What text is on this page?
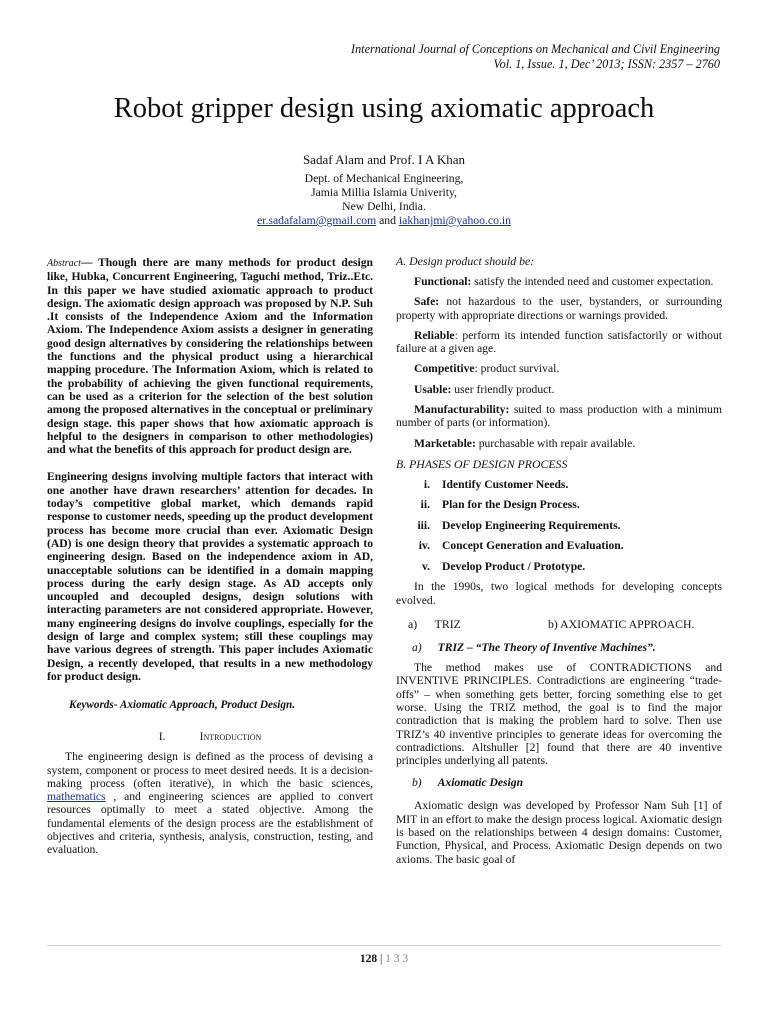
International Journal of Conceptions on Mechanical and Civil Engineering
Vol. 1, Issue. 1, Dec’ 2013; ISSN: 2357 – 2760
Robot gripper design using axiomatic approach
Sadaf Alam and Prof. I A Khan
Dept. of Mechanical Engineering,
Jamia Millia Islamia Univerity,
New Delhi, India.
er.sadafalam@gmail.com and iakhanjmi@yahoo.co.in

Abstract— Though there are many methods for product design like, Hubka, Concurrent Engineering, Taguchi method, Triz..Etc. In this paper we have studied axiomatic approach to product design. The axiomatic design approach was proposed by N.P. Suh .It consists of the Independence Axiom and the Information Axiom. The Independence Axiom assists a designer in generating good design alternatives by considering the relationships between the functions and the physical product using a hierarchical mapping procedure. The Information Axiom, which is related to the probability of achieving the given functional requirements, can be used as a criterion for the selection of the best solution among the proposed alternatives in the conceptual or preliminary design stage. this paper shows that how axiomatic approach is helpful to the designers in comparison to other methodologies) and what the benefits of this approach for product design are.

Engineering designs involving multiple factors that interact with one another have drawn researchers’ attention for decades. In today’s competitive global market, which demands rapid response to customer needs, speeding up the product development process has become more crucial than ever. Axiomatic Design (AD) is one design theory that provides a systematic approach to engineering design. Based on the independence axiom in AD, unacceptable solutions can be identified in a domain mapping process during the early design stage. As AD accepts only uncoupled and decoupled designs, design solutions with interacting parameters are not considered appropriate. However, many engineering designs do involve couplings, especially for the design of large and complex system; still these couplings may have various degrees of strength. This paper includes Axiomatic Design, a recently developed, that results in a new methodology for product design.

Keywords- Axiomatic Approach, Product Design.
I.	Introduction

The engineering design is defined as the process of devising a system, component or process to meet desired needs. It is a decision-making process (often iterative), in which the basic sciences, mathematics , and engineering sciences are applied to convert resources optimally to meet a stated objective. Among the fundamental elements of the design process are the establishment of objectives and criteria, synthesis, analysis, construction, testing, and evaluation.

A. Design product should be:

Functional: satisfy the intended need and customer expectation.

Safe: not hazardous to the user, bystanders, or surrounding property with appropriate directions or warnings provided.

Reliable: perform its intended function satisfactorily or without failure at a given age.

Competitive: product survival.

Usable: user friendly product.

Manufacturability: suited to mass production with a minimum number of parts (or information).

Marketable: purchasable with repair available.

B. PHASES OF DESIGN PROCESS
i.	Identify Customer Needs.
ii.	Plan for the Design Process.
iii.	Develop Engineering Requirements.
iv.	Concept Generation and Evaluation.
v.	Develop Product / Prototype.

In the 1990s, two logical methods for developing concepts evolved.

a)      TRIZ	b) AXIOMATIC APPROACH.
a) TRIZ – “The Theory of Inventive Machines”.

The method makes use of CONTRADICTIONS and INVENTIVE PRINCIPLES. Contradictions are engineering “trade-offs” – when something gets better, forcing something else to get worse. Using the TRIZ method, the goal is to find the major contradiction that is making the problem hard to solve. Then use TRIZ’s 40 inventive principles to generate ideas for overcoming the contradictions. Altshuller [2] found that there are 40 inventive principles underlying all patents.

b) Axiomatic Design

Axiomatic design was developed by Professor Nam Suh [1] of MIT in an effort to make the design process logical. Axiomatic design is based on the relationships between 4 design domains: Customer, Function, Physical, and Process. Axiomatic Design depends on two axioms. The basic goal of

128 | 1 3 3
